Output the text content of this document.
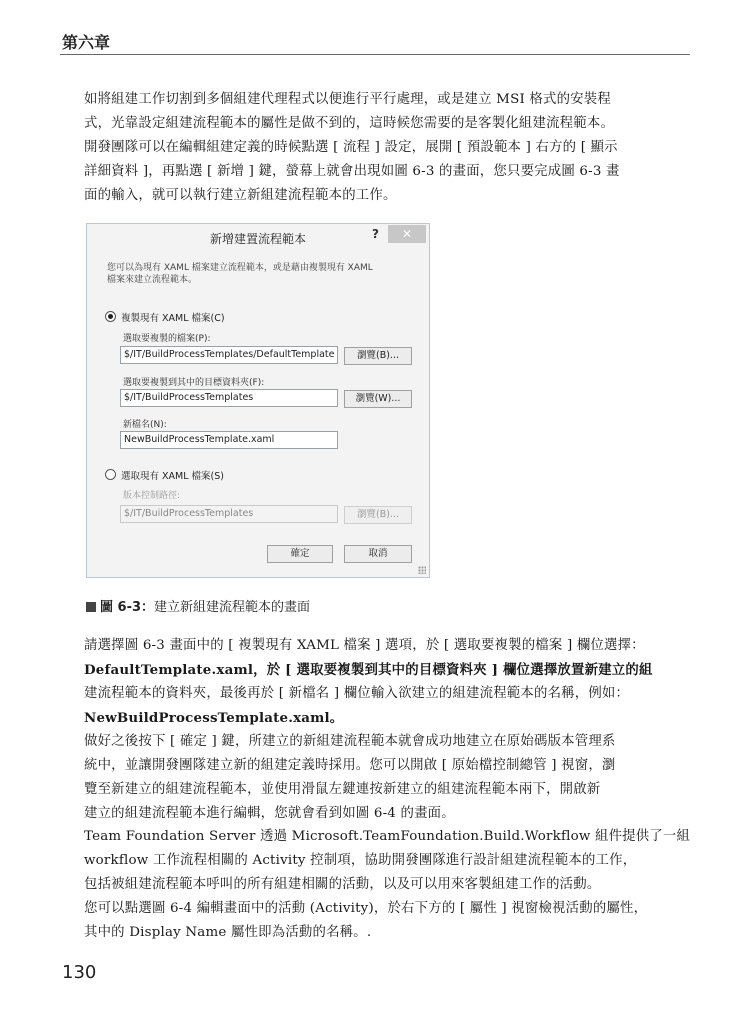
第六章

如將組建工作切割到多個組建代理程式以便進行平行處理，或是建立 MSI 格式的安裝程
式，光靠設定組建流程範本的屬性是做不到的，這時候您需要的是客製化組建流程範本。

開發團隊可以在編輯組建定義的時候點選 [ 流程 ] 設定，展開 [ 預設範本 ] 右方的 [ 顯示
詳細資料 ]，再點選 [ 新增 ] 鍵，螢幕上就會出現如圖 6-3 的畫面，您只要完成圖 6-3 畫
面的輸入，就可以執行建立新組建流程範本的工作。

新增建置流程範本	?	✕
您可以為現有 XAML 檔案建立流程範本，或是藉由複製現有 XAML
檔案來建立流程範本。
複製現有 XAML 檔案(C)
選取要複製的檔案(P):
$/IT/BuildProcessTemplates/DefaultTemplate	瀏覽(B)...
選取要複製到其中的目標資料夾(F):
$/IT/BuildProcessTemplates	瀏覽(W)...
新檔名(N):
NewBuildProcessTemplate.xaml
選取現有 XAML 檔案(S)
版本控制路徑:
$/IT/BuildProcessTemplates	瀏覽(B)...
確定	取消
圖 6-3：建立新組建流程範本的畫面

請選擇圖 6-3 畫面中的 [ 複製現有 XAML 檔案 ] 選項，於 [ 選取要複製的檔案 ] 欄位選擇：
DefaultTemplate.xaml，於 [ 選取要複製到其中的目標資料夾 ] 欄位選擇放置新建立的組
建流程範本的資料夾，最後再於 [ 新檔名 ] 欄位輸入欲建立的組建流程範本的名稱，例如：
NewBuildProcessTemplate.xaml。

做好之後按下 [ 確定 ] 鍵，所建立的新組建流程範本就會成功地建立在原始碼版本管理系
統中，並讓開發團隊建立新的組建定義時採用。您可以開啟 [ 原始檔控制總管 ] 視窗，瀏
覽至新建立的組建流程範本，並使用滑鼠左鍵連按新建立的組建流程範本兩下，開啟新
建立的組建流程範本進行編輯，您就會看到如圖 6-4 的畫面。

Team Foundation Server 透過 Microsoft.TeamFoundation.Build.Workflow 組件提供了一組
workflow 工作流程相關的 Activity 控制項，協助開發團隊進行設計組建流程範本的工作，
包括被組建流程範本呼叫的所有組建相關的活動，以及可以用來客製組建工作的活動。

您可以點選圖 6-4 編輯畫面中的活動 (Activity)，於右下方的 [ 屬性 ] 視窗檢視活動的屬性，
其中的 Display Name 屬性即為活動的名稱。.

130
